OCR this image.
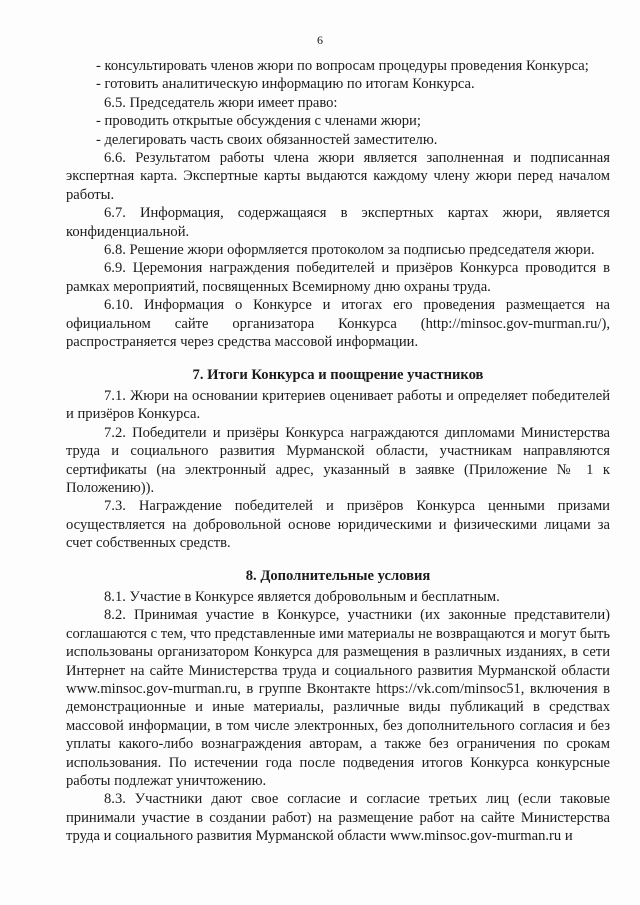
6

- консультировать членов жюри по вопросам процедуры проведения Конкурса;

- готовить аналитическую информацию по итогам Конкурса.

6.5. Председатель жюри имеет право:

- проводить открытые обсуждения с членами жюри;

- делегировать часть своих обязанностей заместителю.

6.6. Результатом работы члена жюри является заполненная и подписанная экспертная карта. Экспертные карты выдаются каждому члену жюри перед началом работы.

6.7. Информация, содержащаяся в экспертных картах жюри, является конфиденциальной.

6.8. Решение жюри оформляется протоколом за подписью председателя жюри.

6.9. Церемония награждения победителей и призёров Конкурса проводится в рамках мероприятий, посвященных Всемирному дню охраны труда.

6.10. Информация о Конкурсе и итогах его проведения размещается на официальном сайте организатора Конкурса (http://minsoc.gov-murman.ru/), распространяется через средства массовой информации.

7. Итоги Конкурса и поощрение участников

7.1. Жюри на основании критериев оценивает работы и определяет победителей и призёров Конкурса.

7.2. Победители и призёры Конкурса награждаются дипломами Министерства труда и социального развития Мурманской области, участникам направляются сертификаты (на электронный адрес, указанный в заявке (Приложение № 1 к Положению)).

7.3. Награждение победителей и призёров Конкурса ценными призами осуществляется на добровольной основе юридическими и физическими лицами за счет собственных средств.

8. Дополнительные условия

8.1. Участие в Конкурсе является добровольным и бесплатным.

8.2. Принимая участие в Конкурсе, участники (их законные представители) соглашаются с тем, что представленные ими материалы не возвращаются и могут быть использованы организатором Конкурса для размещения в различных изданиях, в сети Интернет на сайте Министерства труда и социального развития Мурманской области www.minsoc.gov-murman.ru, в группе Вконтакте https://vk.com/minsoc51, включения в демонстрационные и иные материалы, различные виды публикаций в средствах массовой информации, в том числе электронных, без дополнительного согласия и без уплаты какого-либо вознаграждения авторам, а также без ограничения по срокам использования. По истечении года после подведения итогов Конкурса конкурсные работы подлежат уничтожению.

8.3. Участники дают свое согласие и согласие третьих лиц (если таковые принимали участие в создании работ) на размещение работ на сайте Министерства труда и социального развития Мурманской области www.minsoc.gov-murman.ru и
